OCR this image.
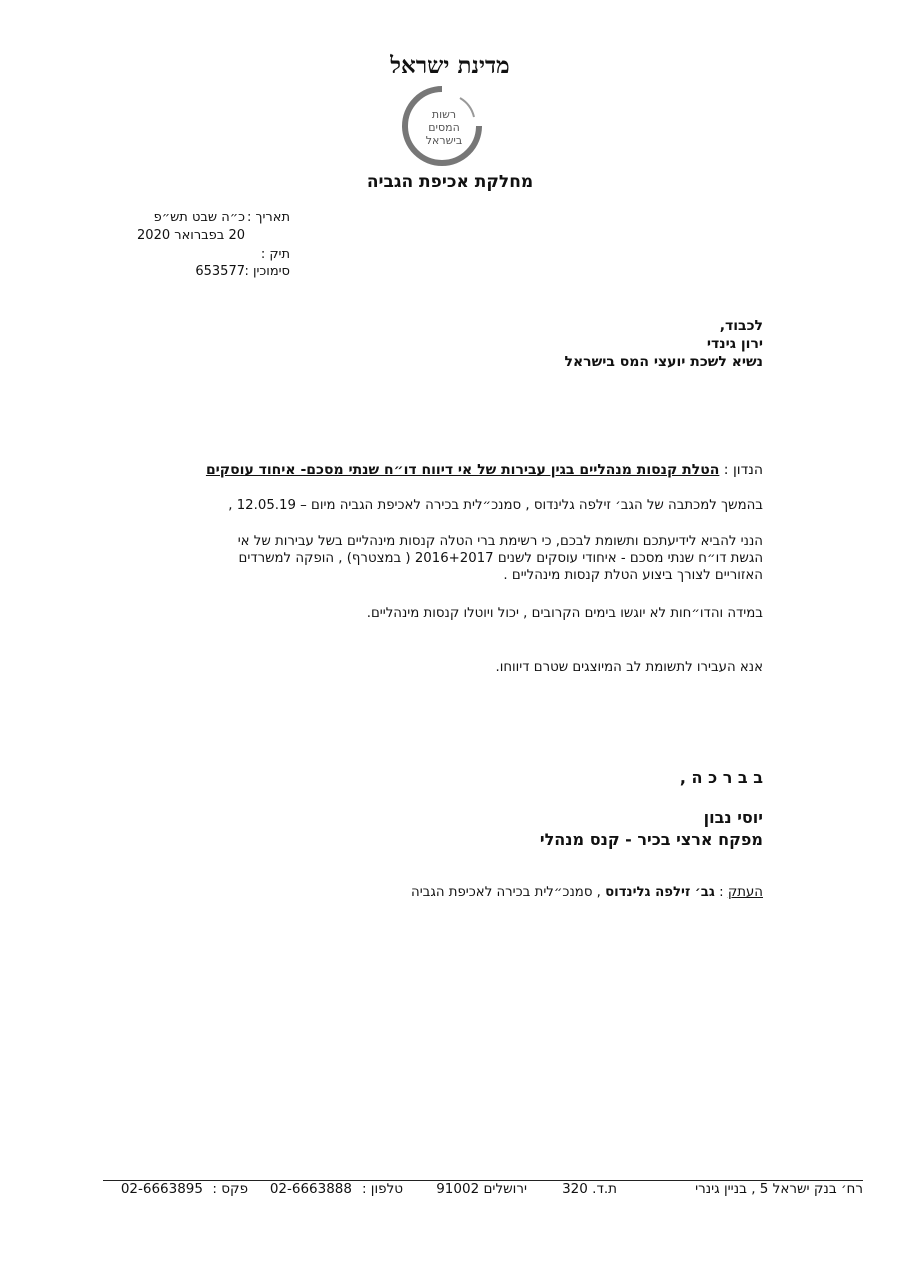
מדינת ישראל
רשות
המסים
בישראל
מחלקת אכיפת הגביה
תאריך :
כ״ה שבט תש״פ
20 בפברואר 2020
תיק :
סימוכין :
653577
לכבוד,
ירון גינדי
נשיא לשכת יועצי המס בישראל
הנדון : הטלת קנסות מנהליים בגין עבירות של אי דיווח דו״ח שנתי מסכם- איחוד עוסקים
בהמשך למכתבה של הגב׳ זילפה גלינדוס , סמנכ״לית בכירה לאכיפת הגביה מיום – 12.05.19 ,
הנני להביא לידיעתכם ותשומת לבכם, כי רשימת ברי הטלה קנסות מינהליים בשל עבירות של אי
הגשת דו״ח שנתי מסכם - איחודי עוסקים לשנים 2016+2017 ( במצטרף) , הופקה למשרדים
האזוריים לצורך ביצוע הטלת קנסות מינהליים .
במידה והדו״חות לא יוגשו בימים הקרובים , יכול ויוטלו קנסות מינהליים.
אנא העבירו לתשומת לב המיוצגים שטרם דיווחו.
ב ב ר כ ה ,
יוסי נבון
מפקח ארצי בכיר - קנס מנהלי
העתק : גב׳ זילפה גלינדוס , סמנכ״לית בכירה לאכיפת הגביה
רח׳ בנק ישראל 5 , בניין גינרי
ת.ד. 320
ירושלים 91002
טלפון :
02-6663888
פקס :
02-6663895
